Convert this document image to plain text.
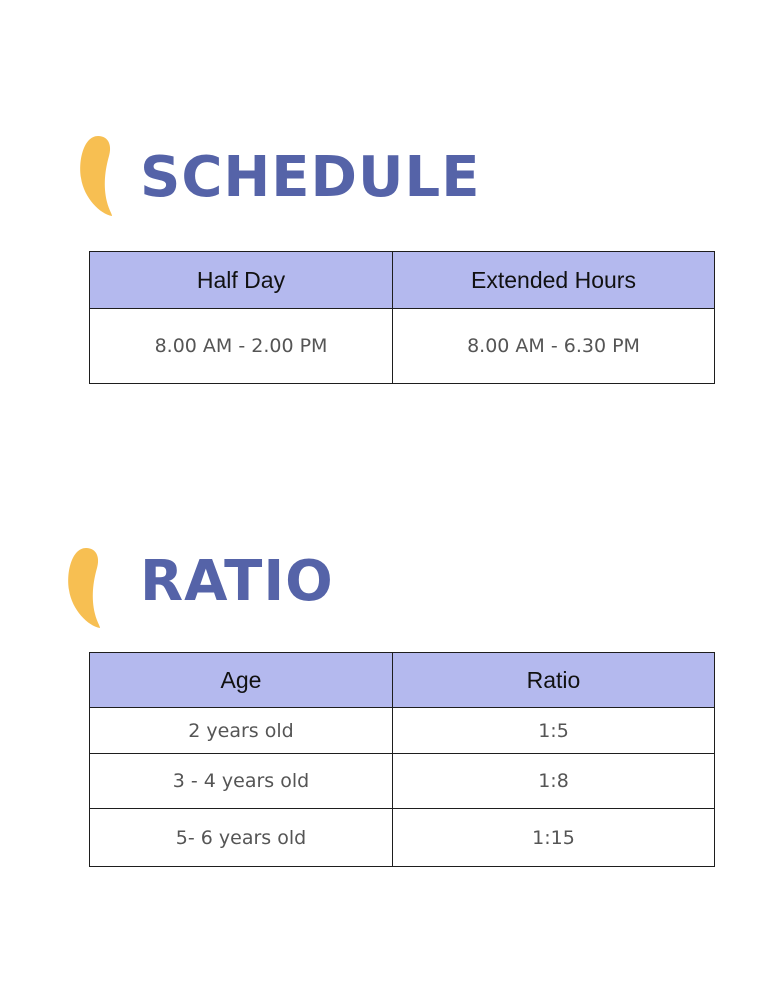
SCHEDULE
Half Day	Extended Hours
8.00 AM - 2.00 PM	8.00 AM - 6.30 PM
RATIO
Age	Ratio
2 years old	1:5
3 - 4 years old	1:8
5- 6 years old	1:15
